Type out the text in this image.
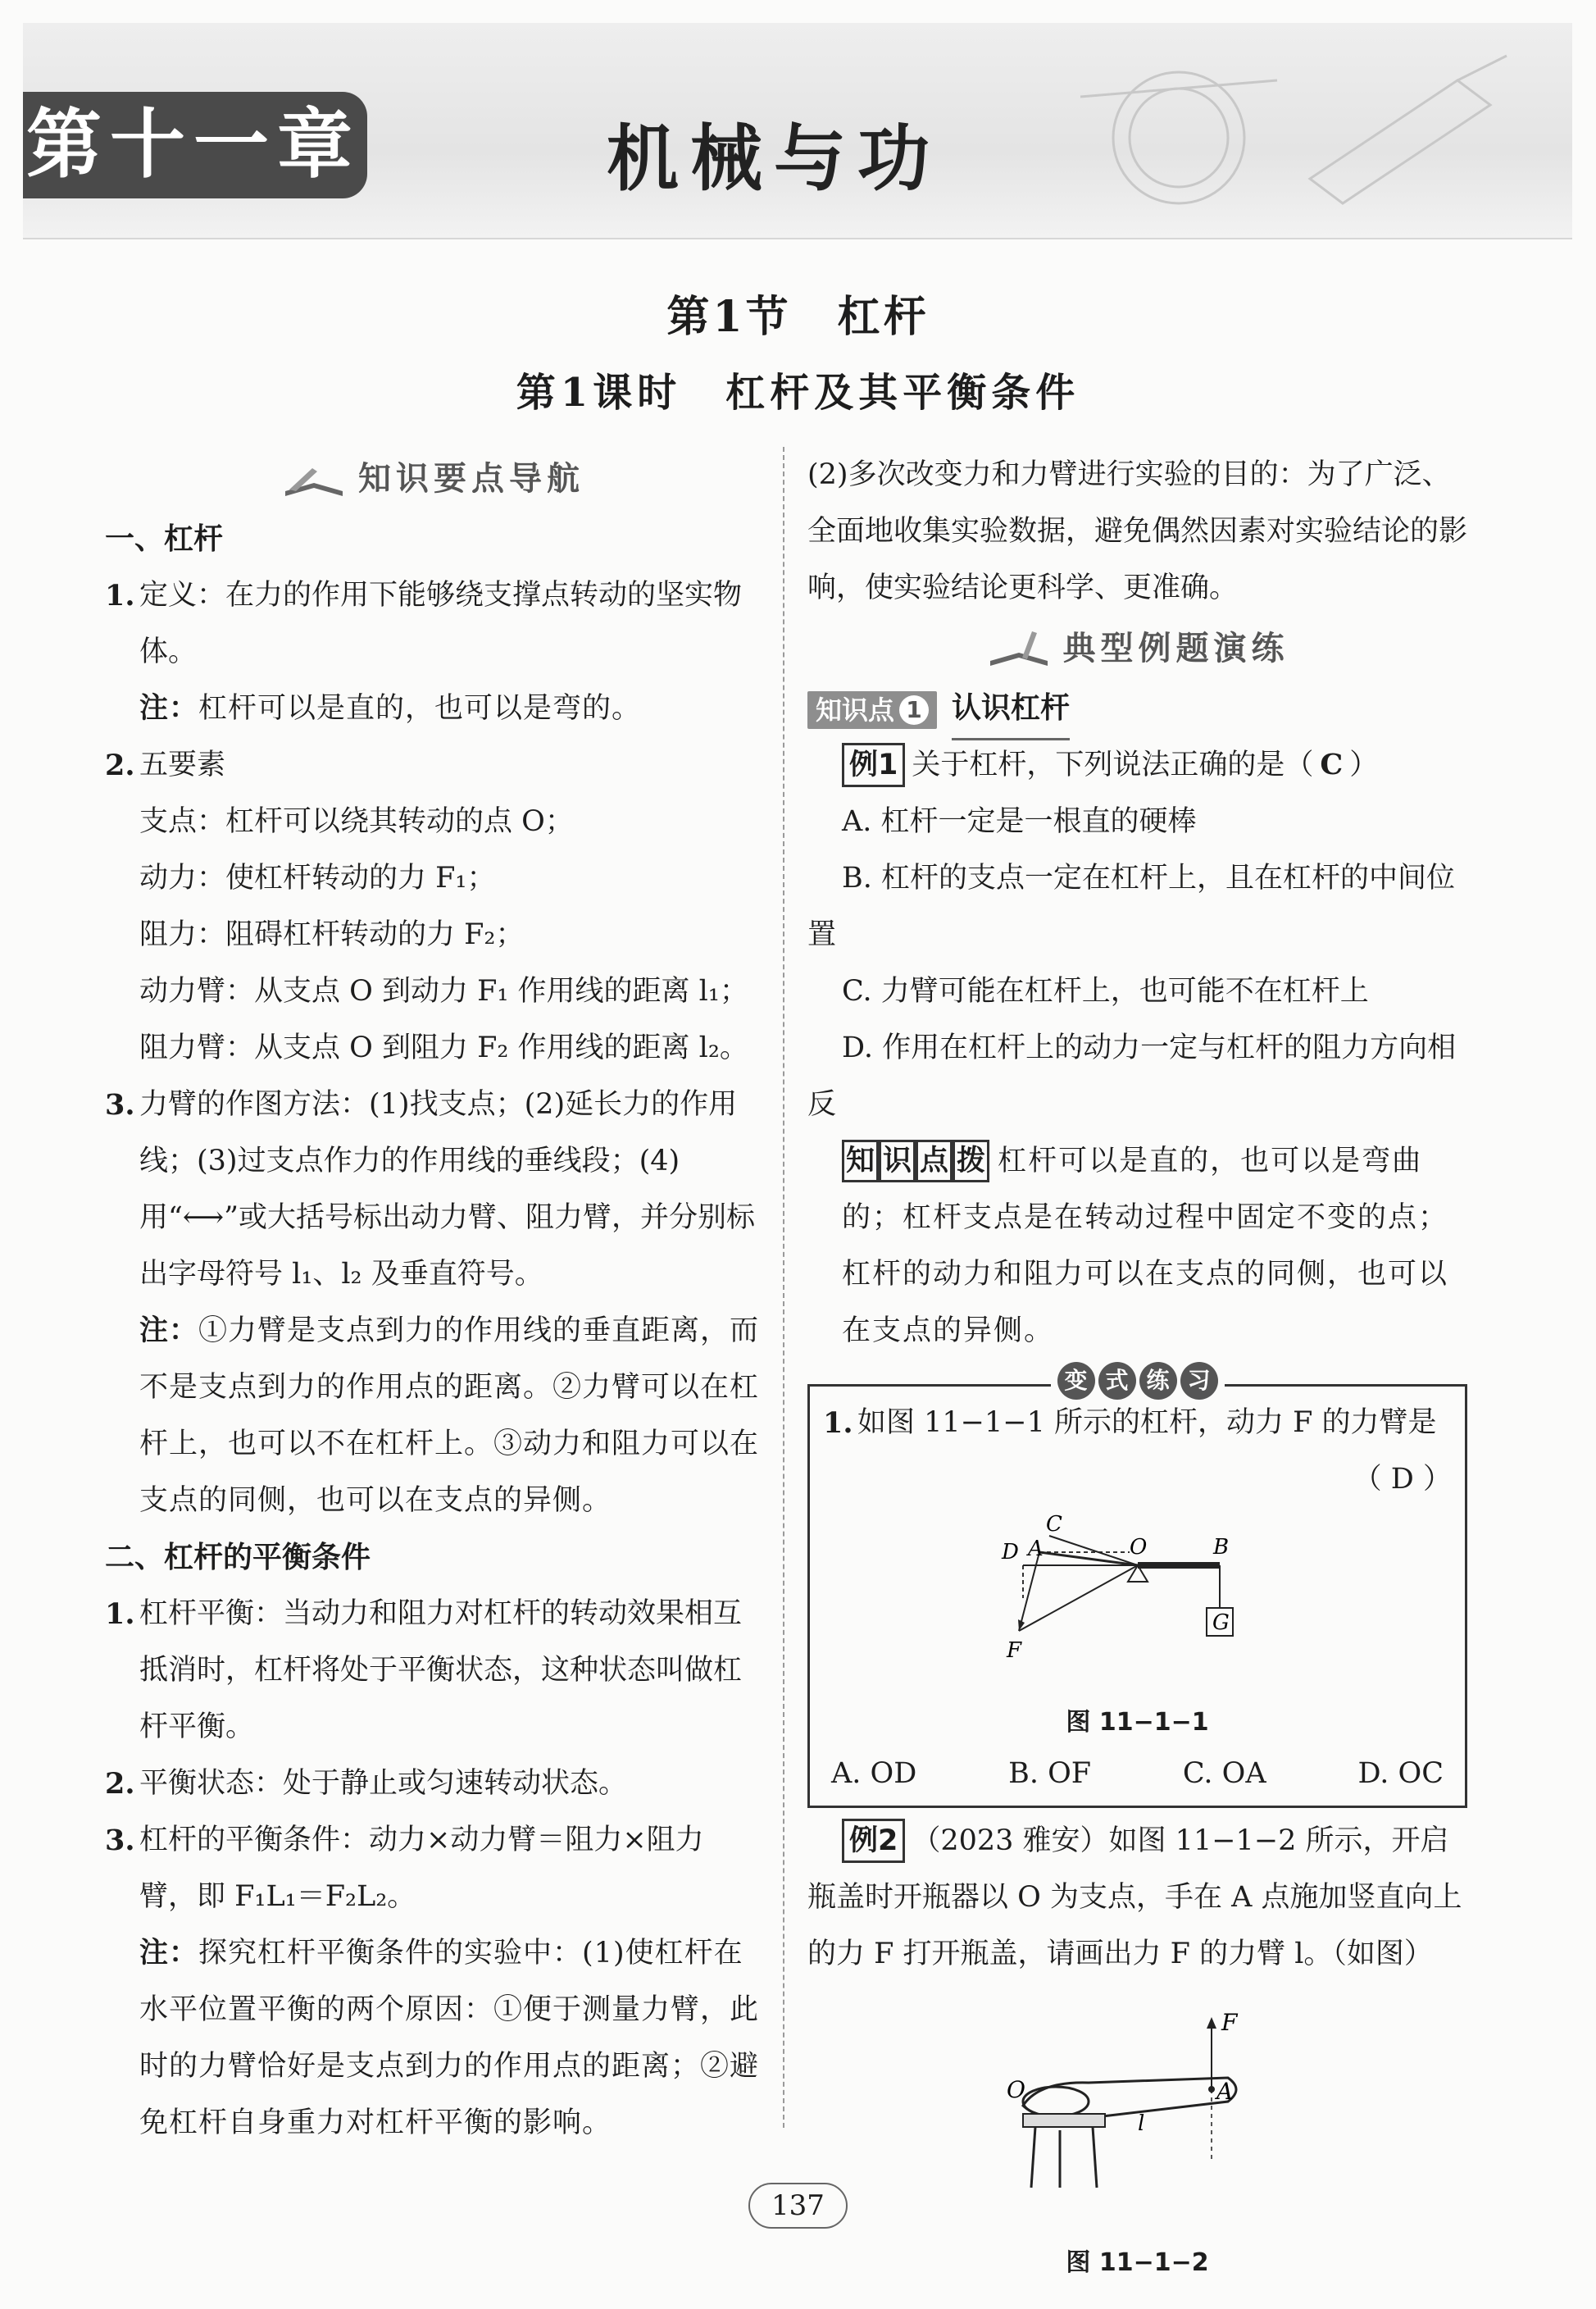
第十一章	机械与功
第1节　杠杆
第1课时　杠杆及其平衡条件
知识要点导航
一、杠杆
1. 定义：在力的作用下能够绕支撑点转动的坚实物体。
注：杠杆可以是直的，也可以是弯的。
2. 五要素
支点：杠杆可以绕其转动的点 O；
动力：使杠杆转动的力 F₁；
阻力：阻碍杠杆转动的力 F₂；
动力臂：从支点 O 到动力 F₁ 作用线的距离 l₁；
阻力臂：从支点 O 到阻力 F₂ 作用线的距离 l₂。
3. 力臂的作图方法：(1)找支点；(2)延长力的作用线；(3)过支点作力的作用线的垂线段；(4)用“⟷”或大括号标出动力臂、阻力臂，并分别标出字母符号 l₁、l₂ 及垂直符号。
注：①力臂是支点到力的作用线的垂直距离，而不是支点到力的作用点的距离。②力臂可以在杠杆上，也可以不在杠杆上。③动力和阻力可以在支点的同侧，也可以在支点的异侧。
二、杠杆的平衡条件
1. 杠杆平衡：当动力和阻力对杠杆的转动效果相互抵消时，杠杆将处于平衡状态，这种状态叫做杠杆平衡。
2. 平衡状态：处于静止或匀速转动状态。
3. 杠杆的平衡条件：动力×动力臂＝阻力×阻力臂，即 F₁L₁＝F₂L₂。
注：探究杠杆平衡条件的实验中：(1)使杠杆在水平位置平衡的两个原因：①便于测量力臂，此时的力臂恰好是支点到力的作用点的距离；②避免杠杆自身重力对杠杆平衡的影响。
(2)多次改变力和力臂进行实验的目的：为了广泛、全面地收集实验数据，避免偶然因素对实验结论的影响，使实验结论更科学、更准确。
典型例题演练
知识点 1 认识杠杆
例1 关于杠杆，下列说法正确的是（ C ）
A. 杠杆一定是一根直的硬棒
B. 杠杆的支点一定在杠杆上，且在杠杆的中间位置
C. 力臂可能在杠杆上，也可能不在杠杆上
D. 作用在杠杆上的动力一定与杠杆的阻力方向相反
知 识 点 拨 杠杆可以是直的，也可以是弯曲的；杠杆支点是在转动过程中固定不变的点；杠杆的动力和阻力可以在支点的同侧，也可以在支点的异侧。
变 式 练 习
1. 如图 11−1−1 所示的杠杆，动力 F 的力臂是
（ D ）
C
D A	O	B
G
F
图 11−1−1
A. OD	B. OF	C. OA	D. OC
例2 （2023 雅安）如图 11−1−2 所示，开启瓶盖时开瓶器以 O 为支点，手在 A 点施加竖直向上的力 F 打开瓶盖，请画出力 F 的力臂 l。（如图）
F
O	A
l
图 11−1−2
137
